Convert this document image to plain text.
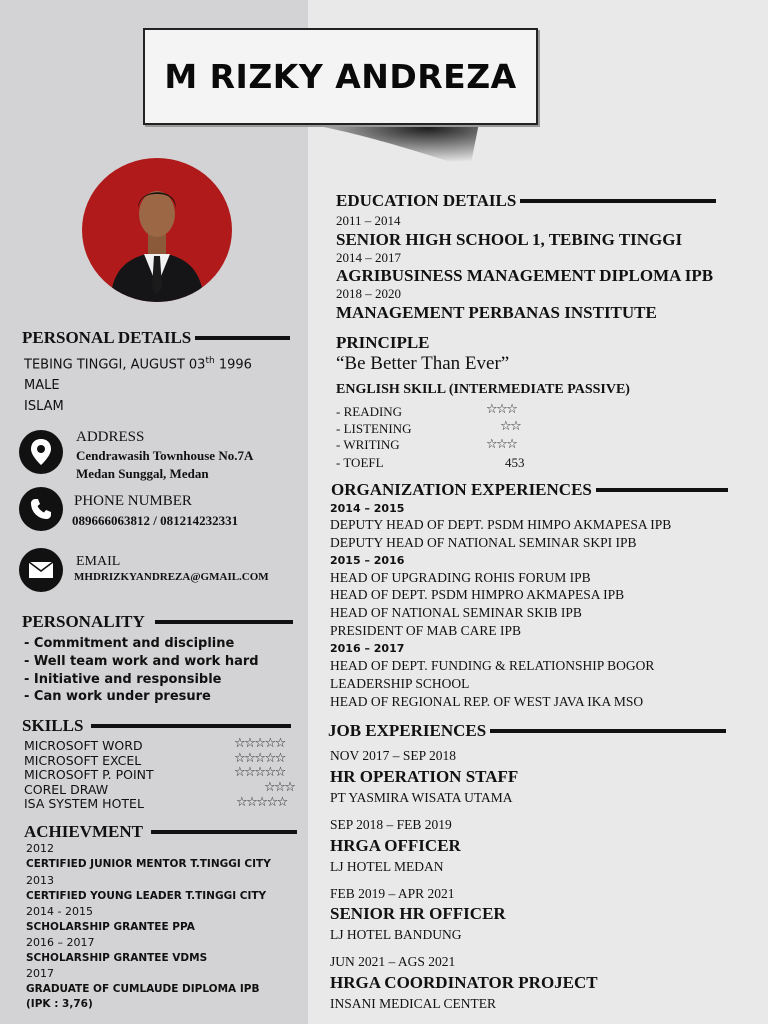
M RIZKY ANDREZA
PERSONAL DETAILS
TEBING TINGGI, AUGUST 03th 1996
MALE
ISLAM
ADDRESS
Cendrawasih Townhouse No.7A
Medan Sunggal, Medan
PHONE NUMBER
089666063812 / 081214232331
EMAIL
MHDRIZKYANDREZA@GMAIL.COM
PERSONALITY
- Commitment and discipline
- Well team work and work hard
- Initiative and responsible
- Can work under presure
SKILLS
MICROSOFT WORD	☆☆☆☆☆
MICROSOFT EXCEL	☆☆☆☆☆
MICROSOFT P. POINT	☆☆☆☆☆
COREL DRAW	☆☆☆
ISA SYSTEM HOTEL	☆☆☆☆☆
ACHIEVMENT
2012
CERTIFIED JUNIOR MENTOR T.TINGGI CITY
2013
CERTIFIED YOUNG LEADER T.TINGGI CITY
2014 - 2015
SCHOLARSHIP GRANTEE PPA
2016 – 2017
SCHOLARSHIP GRANTEE VDMS
2017
GRADUATE OF CUMLAUDE DIPLOMA IPB
(IPK : 3,76)
EDUCATION DETAILS
2011 – 2014
SENIOR HIGH SCHOOL 1, TEBING TINGGI
2014 – 2017
AGRIBUSINESS MANAGEMENT DIPLOMA IPB
2018 – 2020
MANAGEMENT PERBANAS INSTITUTE
PRINCIPLE
“Be Better Than Ever”
ENGLISH SKILL (INTERMEDIATE PASSIVE)
- READING	☆☆☆
- LISTENING	☆☆
- WRITING	☆☆☆
- TOEFL	453
ORGANIZATION EXPERIENCES
2014 – 2015
DEPUTY HEAD OF DEPT. PSDM HIMPO AKMAPESA IPB
DEPUTY HEAD OF NATIONAL SEMINAR SKPI IPB
2015 – 2016
HEAD OF UPGRADING ROHIS FORUM IPB
HEAD OF DEPT. PSDM HIMPRO AKMAPESA IPB
HEAD OF NATIONAL SEMINAR SKIB IPB
PRESIDENT OF MAB CARE IPB
2016 – 2017
HEAD OF DEPT. FUNDING & RELATIONSHIP BOGOR
LEADERSHIP SCHOOL
HEAD OF REGIONAL REP. OF WEST JAVA IKA MSO
JOB EXPERIENCES
NOV 2017 – SEP 2018
HR OPERATION STAFF
PT YASMIRA WISATA UTAMA
SEP 2018 – FEB 2019
HRGA OFFICER
LJ HOTEL MEDAN
FEB 2019 – APR 2021
SENIOR HR OFFICER
LJ HOTEL BANDUNG
JUN 2021 – AGS 2021
HRGA COORDINATOR PROJECT
INSANI MEDICAL CENTER
